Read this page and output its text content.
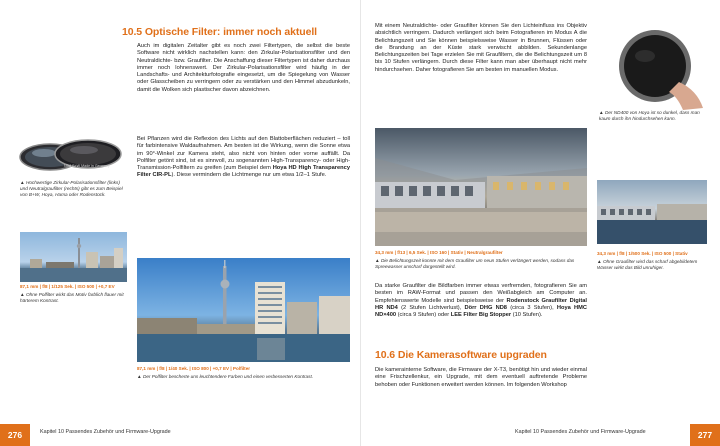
10.5 Optische Filter: immer noch aktuell
Auch im digitalen Zeitalter gibt es noch zwei Filtertypen, die selbst die beste Software nicht wirklich nachstellen kann: den Zirkular-Polarisationsfilter und den Neutraldichte- bzw. Graufilter. Die Anschaffung dieser Filtertypen ist daher durchaus immer noch lohnenswert. Der Zirkular-Polarisationsfilter wird häufig in der Landschafts- und Architekturfotografie eingesetzt, um die Spiegelung von Wasser oder Glasscheiben zu verringern oder zu verstärken und den Himmel abzudunkeln, damit die Wolken sich plastischer davon abzeichnen.
ND8 B+W Made in Germany
▲ Hochwertige Zirkular-Polarisationsfilter (links) und Neutralgraufilter (rechts) gibt es zum Beispiel von B+W, Hoya, Hama oder Rodenstock.
Bei Pflanzen wird die Reflexion des Lichts auf den Blattoberflächen reduziert – toll für farbintensive Waldaufnahmen. Am besten ist die Wirkung, wenn die Sonne etwa im 90°-Winkel zur Kamera steht, also nicht von hinten oder vorne auffällt. Da Polfilter getönt sind, ist es sinnvoll, zu sogenannten High-Transparency- oder High-Transmission-Polfiltern zu greifen (zum Beispiel dem Hoya HD High Transparency Filter CIR-PL). Diese vermindern die Lichtmenge nur um etwa 1/2–1 Stufe.
87,1 mm | f/8 | 1/125 Sek. | ISO 500 | +0,7 EV
▲ Ohne Polfilter wirkt das Motiv farblich flauer mit härterem Kontrast.
87,1 mm | f/8 | 1/40 Sek. | ISO 800 | +0,7 EV | Polfilter
▲ Der Polfilter bescherte uns leuchtendere Farben und einen verbesserten Kontrast.
276	Kapitel 10 Passendes Zubehör und Firmware-Upgrade
Mit einem Neutraldichte- oder Graufilter können Sie den Lichteinfluss ins Objektiv absichtlich verringern. Dadurch verlängert sich beim Fotografieren im Modus A die Belichtungszeit und Sie können beispielsweise Wasser in Brunnen, Flüssen oder die Brandung an der Küste stark verwischt abbilden. Sekundenlange Belichtungszeiten bei Tage erzielen Sie mit Graufiltern, die die Belichtungszeit um 8 bis 10 Stufen verlängern. Durch diese Filter kann man aber überhaupt nicht mehr hindurchsehen. Daher fotografieren Sie am besten im manuellen Modus.
▲ Der ND400 von Hoya ist so dunkel, dass man kaum durch ihn hindurchsehen kann.
34,3 mm | f/13 | 6,5 Sek. | ISO 160 | Stativ | Neutralgraufilter
▲ Die Belichtungszeit konnte mit dem Graufilter um neun Stufen verlängert werden, sodass das Spreewasser unscharf dargestellt wird.
34,3 mm | f/8 | 1/500 Sek. | ISO 500 | Stativ
▲ Ohne Graufilter wird das scharf abgebildetem Wasser wirkt das Bild unruhiger.
Da starke Graufilter die Bildfarben immer etwas verfremden, fotografieren Sie am besten im RAW-Format und passen den Weißabgleich am Computer an. Empfehlenswerte Modelle sind beispielsweise der Rodenstock Graufilter Digital HR ND4 (2 Stufen Lichtverlust), Dörr DHG ND8 (circa 3 Stufen), Hoya HMC ND×400 (circa 9 Stufen) oder LEE Filter Big Stopper (10 Stufen).
10.6 Die Kamerasoftware upgraden
Die kamerainterne Software, die Firmware der X-T3, benötigt hin und wieder einmal eine Frischzellenkur, ein Upgrade, mit dem eventuell auftretende Probleme behoben oder Funktionen erweitert werden können. Im folgenden Workshop
Kapitel 10 Passendes Zubehör und Firmware-Upgrade	277
